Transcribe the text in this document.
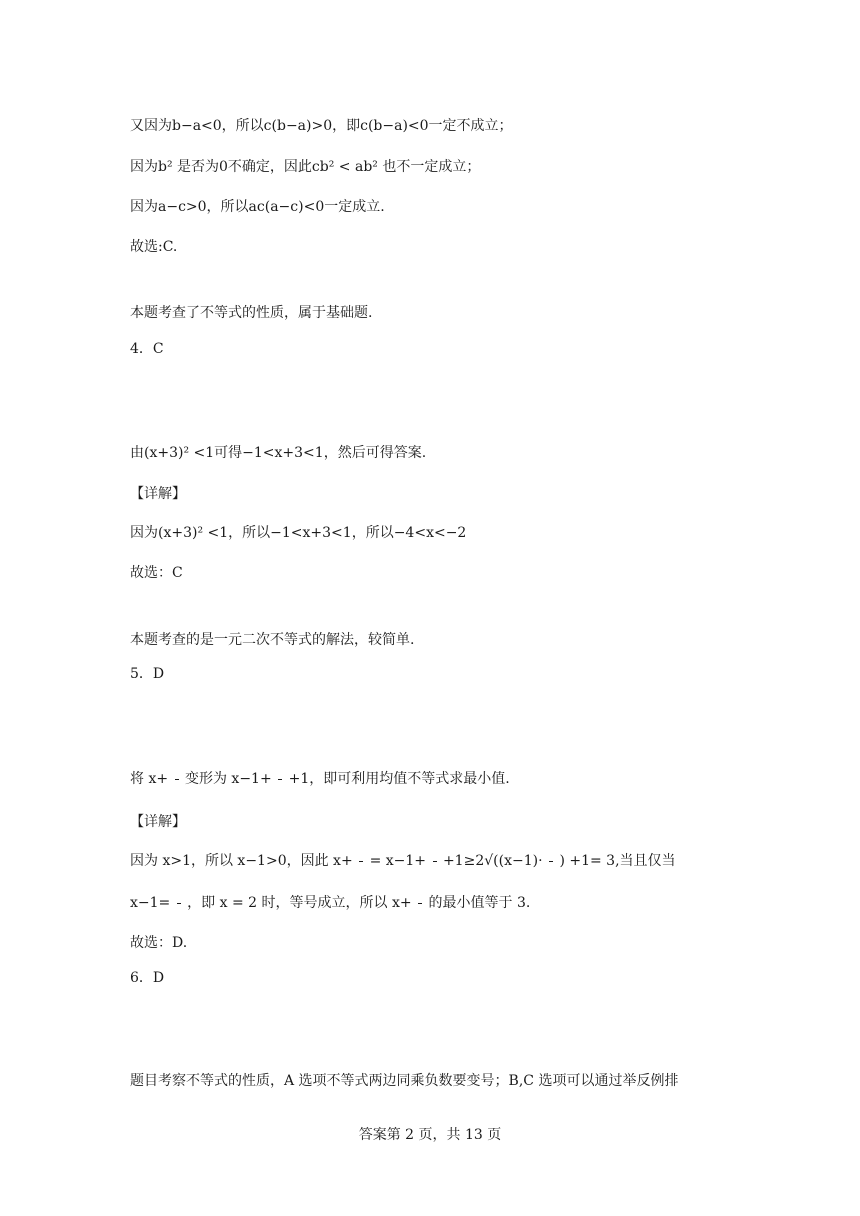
又因为b−a<0，所以c(b−a)>0，即c(b−a)<0一定不成立；
因为b² 是否为0不确定，因此cb² < ab² 也不一定成立；
因为a−c>0，所以ac(a−c)<0一定成立.
故选:C.
本题考查了不等式的性质，属于基础题.
4．C
由(x+3)² <1可得−1<x+3<1，然后可得答案.
【详解】
因为(x+3)² <1，所以−1<x+3<1，所以−4<x<−2
故选：C
本题考查的是一元二次不等式的解法，较简单.
5．D
将 x+ 变形为 x−1+ +1，即可利用均值不等式求最小值.
【详解】
因为 x>1，所以 x−1>0，因此 x+ = x−1+ +1≥2√((x−1)· ) +1= 3,当且仅当
x−1= ，即 x = 2 时，等号成立，所以 x+ 的最小值等于 3.
故选：D.
6．D
题目考察不等式的性质，A 选项不等式两边同乘负数要变号；B,C 选项可以通过举反例排
答案第 2 页，共 13 页
